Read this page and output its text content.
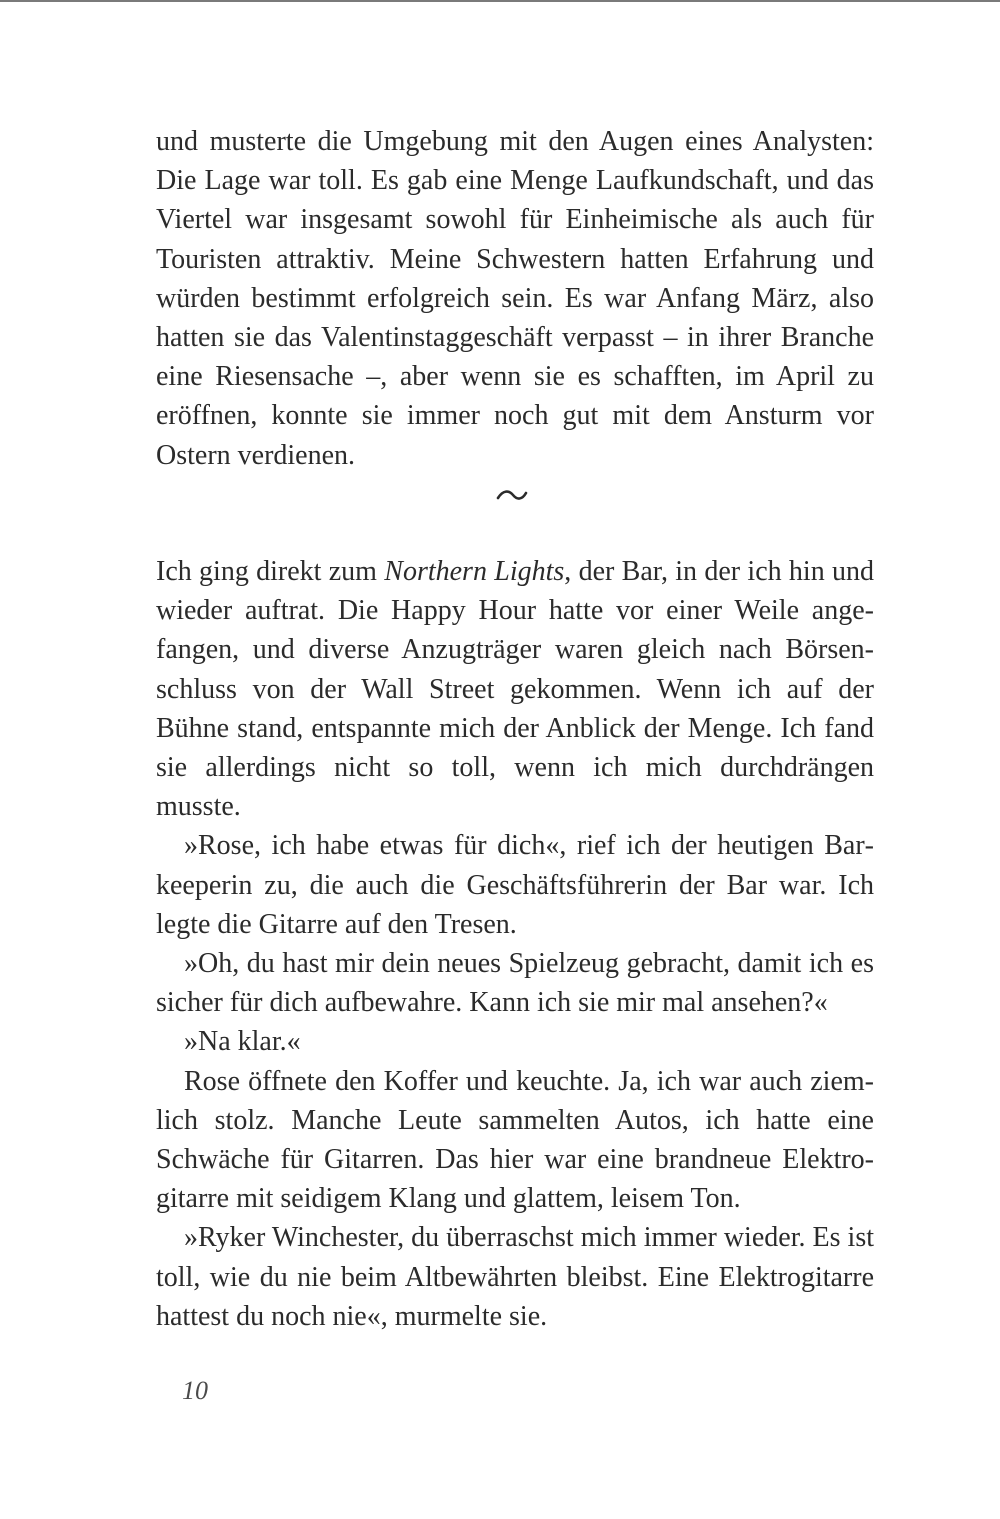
und musterte die Umgebung mit den Augen eines Analysten: Die Lage war toll. Es gab eine Menge Laufkundschaft, und das Viertel war insgesamt sowohl für Einheimische als auch für Touristen attraktiv. Meine Schwestern hatten Erfahrung und würden bestimmt erfolgreich sein. Es war Anfang März, also hatten sie das Valentinstaggeschäft verpasst – in ihrer Branche eine Riesensache –, aber wenn sie es schafften, im April zu eröffnen, konnte sie immer noch gut mit dem Ansturm vor Ostern verdienen.

Ich ging direkt zum Northern Lights, der Bar, in der ich hin und wieder auftrat. Die Happy Hour hatte vor einer Weile angefangen, und diverse Anzugträger waren gleich nach Börsenschluss von der Wall Street gekommen. Wenn ich auf der Bühne stand, entspannte mich der Anblick der Menge. Ich fand sie allerdings nicht so toll, wenn ich mich durchdrängen musste.

»Rose, ich habe etwas für dich«, rief ich der heutigen Barkeeperin zu, die auch die Geschäftsführerin der Bar war. Ich legte die Gitarre auf den Tresen.

»Oh, du hast mir dein neues Spielzeug gebracht, damit ich es sicher für dich aufbewahre. Kann ich sie mir mal ansehen?«

»Na klar.«

Rose öffnete den Koffer und keuchte. Ja, ich war auch ziemlich stolz. Manche Leute sammelten Autos, ich hatte eine Schwäche für Gitarren. Das hier war eine brandneue Elektrogitarre mit seidigem Klang und glattem, leisem Ton.

»Ryker Winchester, du überraschst mich immer wieder. Es ist toll, wie du nie beim Altbewährten bleibst. Eine Elektrogitarre hattest du noch nie«, murmelte sie.

10
